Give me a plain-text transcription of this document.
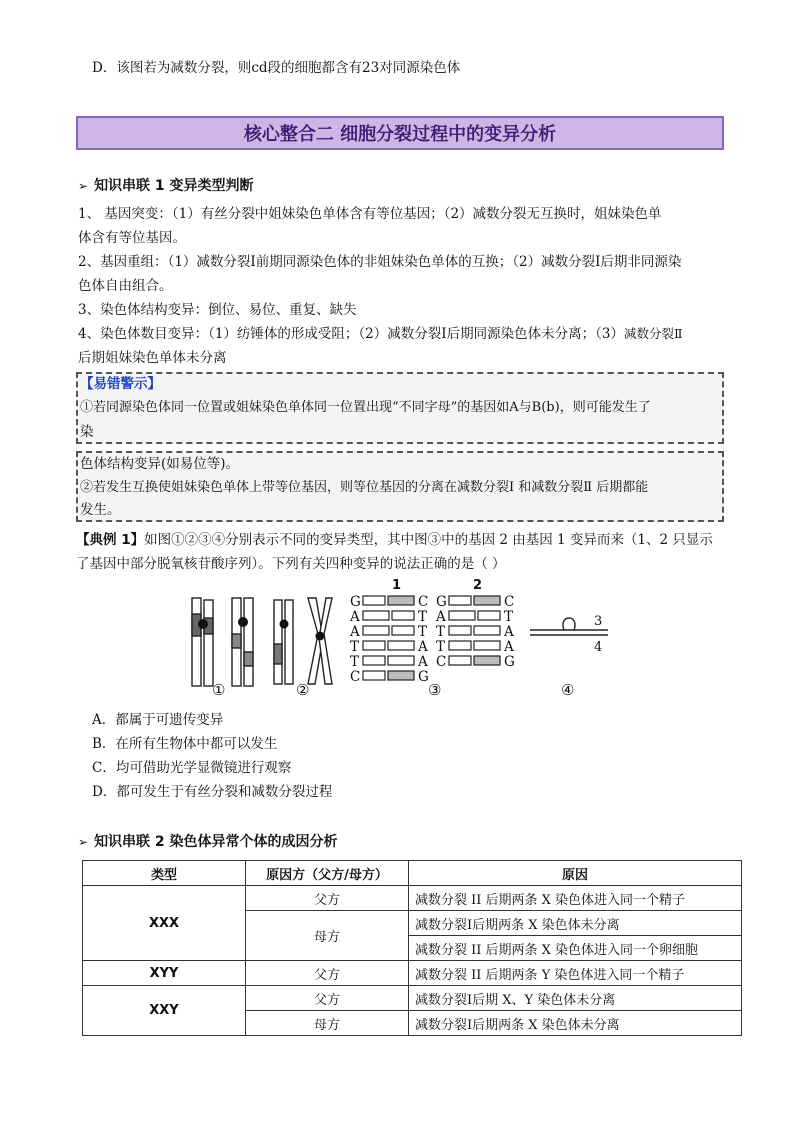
D．该图若为减数分裂，则cd段的细胞都含有23对同源染色体
核心整合二 细胞分裂过程中的变异分析
➢ 知识串联 1 变异类型判断
1、 基因突变：（1）有丝分裂中姐妹染色单体含有等位基因；（2）减数分裂无互换时，姐妹染色单
体含有等位基因。
2、基因重组：（1）减数分裂Ⅰ前期同源染色体的非姐妹染色单体的互换；（2）减数分裂Ⅰ后期非同源染
色体自由组合。
3、染色体结构变异：倒位、易位、重复、缺失
4、染色体数目变异：（1）纺锤体的形成受阻；（2）减数分裂Ⅰ后期同源染色体未分离；（3）减数分裂Ⅱ
后期姐妹染色单体未分离
【易错警示】
①若同源染色体同一位置或姐妹染色单体同一位置出现“不同字母”的基因如A与B(b)，则可能发生了
染
色体结构变异(如易位等)。
②若发生互换使姐妹染色单体上带等位基因，则等位基因的分离在减数分裂Ⅰ 和减数分裂Ⅱ 后期都能
发生。
【典例 1】如图①②③④分别表示不同的变异类型，其中图③中的基因 2 由基因 1 变异而来（1、2 只显示
了基因中部分脱氧核苷酸序列）。下列有关四种变异的说法正确的是（ ）
1	2
G
A
A
T
T
C
C
T
T
A
A
G
G
A
T
T
C
C
T
A
A
G
3
4
①	②	③	④
A．都属于可遗传变异
B．在所有生物体中都可以发生
C．均可借助光学显微镜进行观察
D．都可发生于有丝分裂和减数分裂过程
➢ 知识串联 2 染色体异常个体的成因分析
类型	原因方（父方/母方）	原因
XXX	父方	减数分裂 II 后期两条 X 染色体进入同一个精子
	母方	减数分裂Ⅰ后期两条 X 染色体未分离
		减数分裂 II 后期两条 X 染色体进入同一个卵细胞
XYY	父方	减数分裂 II 后期两条 Y 染色体进入同一个精子
XXY	父方	减数分裂Ⅰ后期 X、Y 染色体未分离
	母方	减数分裂Ⅰ后期两条 X 染色体未分离
